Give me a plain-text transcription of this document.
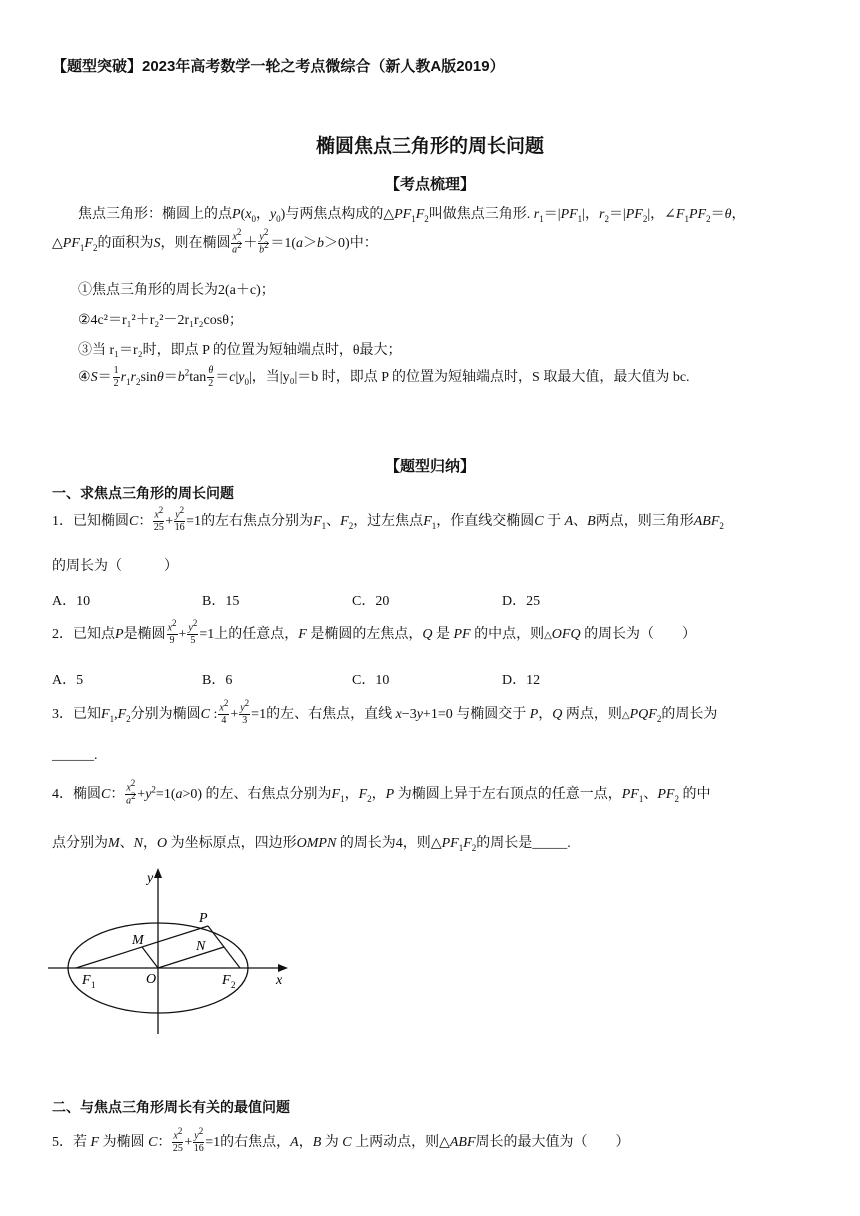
【题型突破】2023年高考数学一轮之考点微综合（新人教A版2019）
椭圆焦点三角形的周长问题
【考点梳理】
焦点三角形：椭圆上的点$P(x_0$，$y_0$)与两焦点构成的$\triangle PF_1F_2$叫做焦点三角形. $r_1=|PF_1|$，$r_2=|PF_2|$，$\angle F_1PF_2=\theta$，
$\triangle PF_1F_2$的面积为S，则在椭圆 $\frac{x^2}{a^2} + \frac{y^2}{b^2} =1(a>b>0)$中：
①焦点三角形的周长为2(a＋c)；
②4c²＝r₁²＋r₂²－2r₁r₂cosθ；
③当 r₁＝r₂时，即点 P 的位置为短轴端点时，θ最大；
④S＝ $\frac{1}{2} r_1r_2\sin\theta=b^2\tan \frac{\theta}{2} =c|y_0|$，当|y₀|＝b 时，即点 P 的位置为短轴端点时，S 取最大值，最大值为 bc.
【题型归纳】
一、求焦点三角形的周长问题
1．已知椭圆C： $\frac{x^2}{25} + \frac{y^2}{16} =1$的左右焦点分别为$F_1$、$F_2$，过左焦点$F_1$，作直线交椭圆C 于 A、B两点，则三角形$ABF_2$
的周长为（　　　）
A．10	B．15	C．20	D．25
2．已知点P是椭圆 $\frac{x^2}{9} + \frac{y^2}{5} =1$上的任意点，F 是椭圆的左焦点，Q 是 PF 的中点，则△OFQ 的周长为（　　）
A．5	B．6	C．10	D．12
3．已知$F_1,F_2$分别为椭圆C : $\frac{x^2}{4} + \frac{y^2}{3} =1$的左、右焦点，直线 x−3y+1=0 与椭圆交于 P，Q 两点，则$\triangle PQF_2$的周长为
______.
4．椭圆C： $\frac{x^2}{a^2} +y^2=1(a>0)$ 的左、右焦点分别为$F_1$，$F_2$，P 为椭圆上异于左右顶点的任意一点，$PF_1$、$PF_2$ 的中
点分别为M、N，O 为坐标原点，四边形OMPN 的周长为4，则$\triangle PF_1F_2$的周长是_____.
y
x
P
M	N
O
F 1	F 2
二、与焦点三角形周长有关的最值问题
5．若 F 为椭圆 C： $\frac{x^2}{25} + \frac{y^2}{16} =1$的右焦点，A，B 为 C 上两动点，则△ABF周长的最大值为（　　）
